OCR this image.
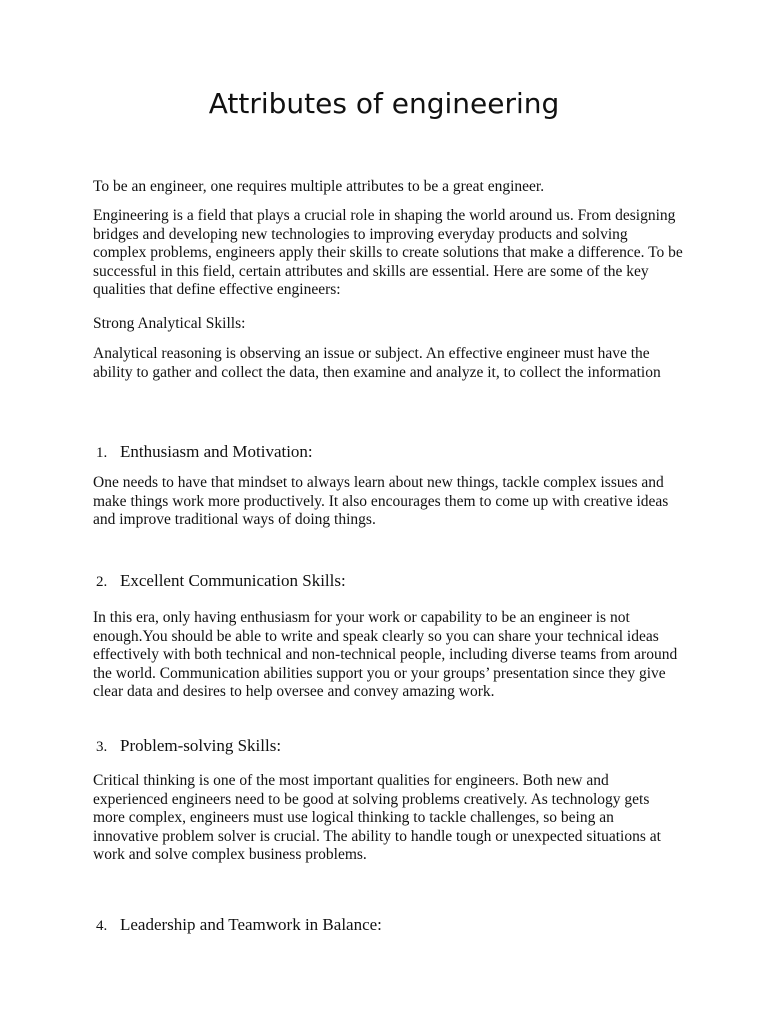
Attributes of engineering

To be an engineer, one requires multiple attributes to be a great engineer.

Engineering is a field that plays a crucial role in shaping the world around us. From designing bridges and developing new technologies to improving everyday products and solving complex problems, engineers apply their skills to create solutions that make a difference. To be successful in this field, certain attributes and skills are essential. Here are some of the key qualities that define effective engineers:

Strong Analytical Skills:

Analytical reasoning is observing an issue or subject. An effective engineer must have the ability to gather and collect the data, then examine and analyze it, to collect the information

1. Enthusiasm and Motivation:

One needs to have that mindset to always learn about new things, tackle complex issues and make things work more productively. It also encourages them to come up with creative ideas and improve traditional ways of doing things.

2. Excellent Communication Skills:

In this era, only having enthusiasm for your work or capability to be an engineer is not enough.You should be able to write and speak clearly so you can share your technical ideas effectively with both technical and non-technical people, including diverse teams from around the world. Communication abilities support you or your groups’ presentation since they give clear data and desires to help oversee and convey amazing work.

3. Problem-solving Skills:

Critical thinking is one of the most important qualities for engineers. Both new and experienced engineers need to be good at solving problems creatively. As technology gets more complex, engineers must use logical thinking to tackle challenges, so being an innovative problem solver is crucial. The ability to handle tough or unexpected situations at work and solve complex business problems.

4. Leadership and Teamwork in Balance:
